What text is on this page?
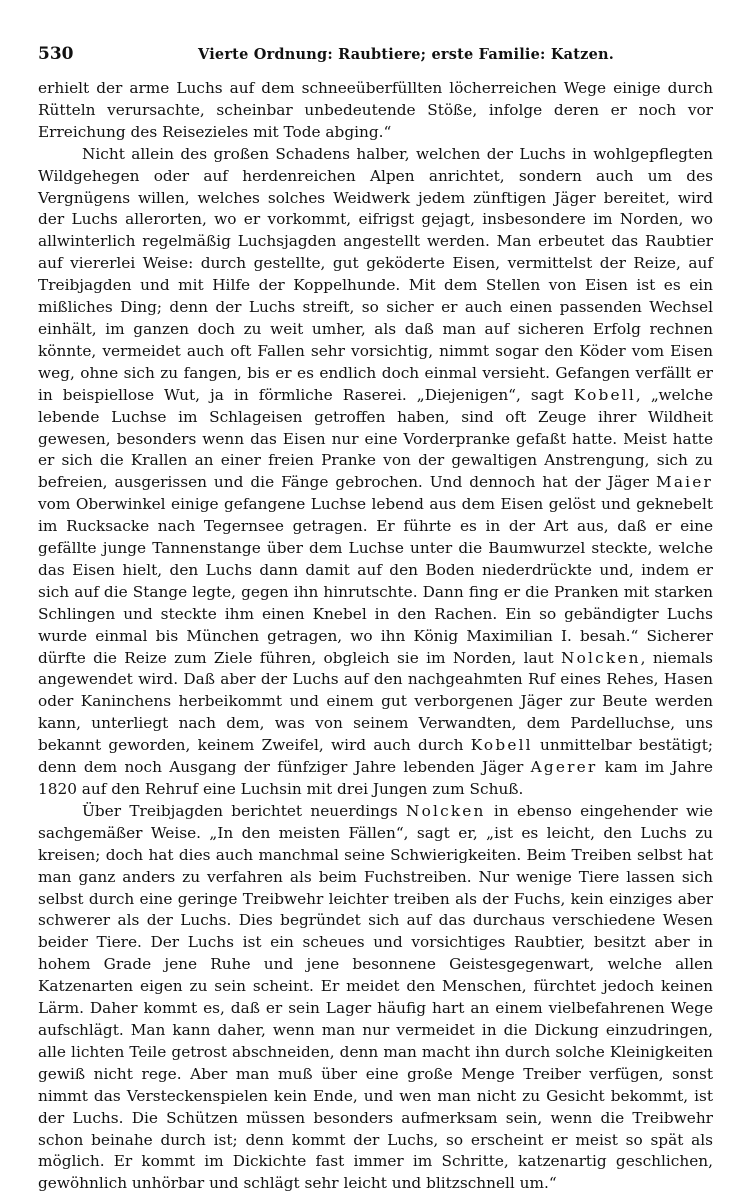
530	Vierte Ordnung: Raubtiere; erste Familie: Katzen.

erhielt der arme Luchs auf dem schneeüberfüllten löcherreichen Wege einige durch Rütteln verursachte, scheinbar unbedeutende Stöße, infolge deren er noch vor Erreichung des Reisezieles mit Tode abging.“

Nicht allein des großen Schadens halber, welchen der Luchs in wohlgepflegten Wildgehegen oder auf herdenreichen Alpen anrichtet, sondern auch um des Vergnügens willen, welches solches Weidwerk jedem zünftigen Jäger bereitet, wird der Luchs allerorten, wo er vorkommt, eifrigst gejagt, insbesondere im Norden, wo allwinterlich regelmäßig Luchsjagden angestellt werden. Man erbeutet das Raubtier auf viererlei Weise: durch gestellte, gut geköderte Eisen, vermittelst der Reize, auf Treibjagden und mit Hilfe der Koppelhunde. Mit dem Stellen von Eisen ist es ein mißliches Ding; denn der Luchs streift, so sicher er auch einen passenden Wechsel einhält, im ganzen doch zu weit umher, als daß man auf sicheren Erfolg rechnen könnte, vermeidet auch oft Fallen sehr vorsichtig, nimmt sogar den Köder vom Eisen weg, ohne sich zu fangen, bis er es endlich doch einmal versieht. Gefangen verfällt er in beispiellose Wut, ja in förmliche Raserei. „Diejenigen“, sagt Kobell, „welche lebende Luchse im Schlageisen getroffen haben, sind oft Zeuge ihrer Wildheit gewesen, besonders wenn das Eisen nur eine Vorderpranke gefaßt hatte. Meist hatte er sich die Krallen an einer freien Pranke von der gewaltigen Anstrengung, sich zu befreien, ausgerissen und die Fänge gebrochen. Und dennoch hat der Jäger Maier vom Oberwinkel einige gefangene Luchse lebend aus dem Eisen gelöst und geknebelt im Rucksacke nach Tegernsee getragen. Er führte es in der Art aus, daß er eine gefällte junge Tannenstange über dem Luchse unter die Baumwurzel steckte, welche das Eisen hielt, den Luchs dann damit auf den Boden niederdrückte und, indem er sich auf die Stange legte, gegen ihn hinrutschte. Dann fing er die Pranken mit starken Schlingen und steckte ihm einen Knebel in den Rachen. Ein so gebändigter Luchs wurde einmal bis München getragen, wo ihn König Maximilian I. besah.“ Sicherer dürfte die Reize zum Ziele führen, obgleich sie im Norden, laut Nolcken, niemals angewendet wird. Daß aber der Luchs auf den nachgeahmten Ruf eines Rehes, Hasen oder Kaninchens herbeikommt und einem gut verborgenen Jäger zur Beute werden kann, unterliegt nach dem, was von seinem Verwandten, dem Pardelluchse, uns bekannt geworden, keinem Zweifel, wird auch durch Kobell unmittelbar bestätigt; denn dem noch Ausgang der fünfziger Jahre lebenden Jäger Agerer kam im Jahre 1820 auf den Rehruf eine Luchsin mit drei Jungen zum Schuß.

Über Treibjagden berichtet neuerdings Nolcken in ebenso eingehender wie sachgemäßer Weise. „In den meisten Fällen“, sagt er, „ist es leicht, den Luchs zu kreisen; doch hat dies auch manchmal seine Schwierigkeiten. Beim Treiben selbst hat man ganz anders zu verfahren als beim Fuchstreiben. Nur wenige Tiere lassen sich selbst durch eine geringe Treibwehr leichter treiben als der Fuchs, kein einziges aber schwerer als der Luchs. Dies begründet sich auf das durchaus verschiedene Wesen beider Tiere. Der Luchs ist ein scheues und vorsichtiges Raubtier, besitzt aber in hohem Grade jene Ruhe und jene besonnene Geistesgegenwart, welche allen Katzenarten eigen zu sein scheint. Er meidet den Menschen, fürchtet jedoch keinen Lärm. Daher kommt es, daß er sein Lager häufig hart an einem vielbefahrenen Wege aufschlägt. Man kann daher, wenn man nur vermeidet in die Dickung einzudringen, alle lichten Teile getrost abschneiden, denn man macht ihn durch solche Kleinigkeiten gewiß nicht rege. Aber man muß über eine große Menge Treiber verfügen, sonst nimmt das Versteckenspielen kein Ende, und wen man nicht zu Gesicht bekommt, ist der Luchs. Die Schützen müssen besonders aufmerksam sein, wenn die Treibwehr schon beinahe durch ist; denn kommt der Luchs, so erscheint er meist so spät als möglich. Er kommt im Dickichte fast immer im Schritte, katzenartig geschlichen, gewöhnlich unhörbar und schlägt sehr leicht und blitzschnell um.“
